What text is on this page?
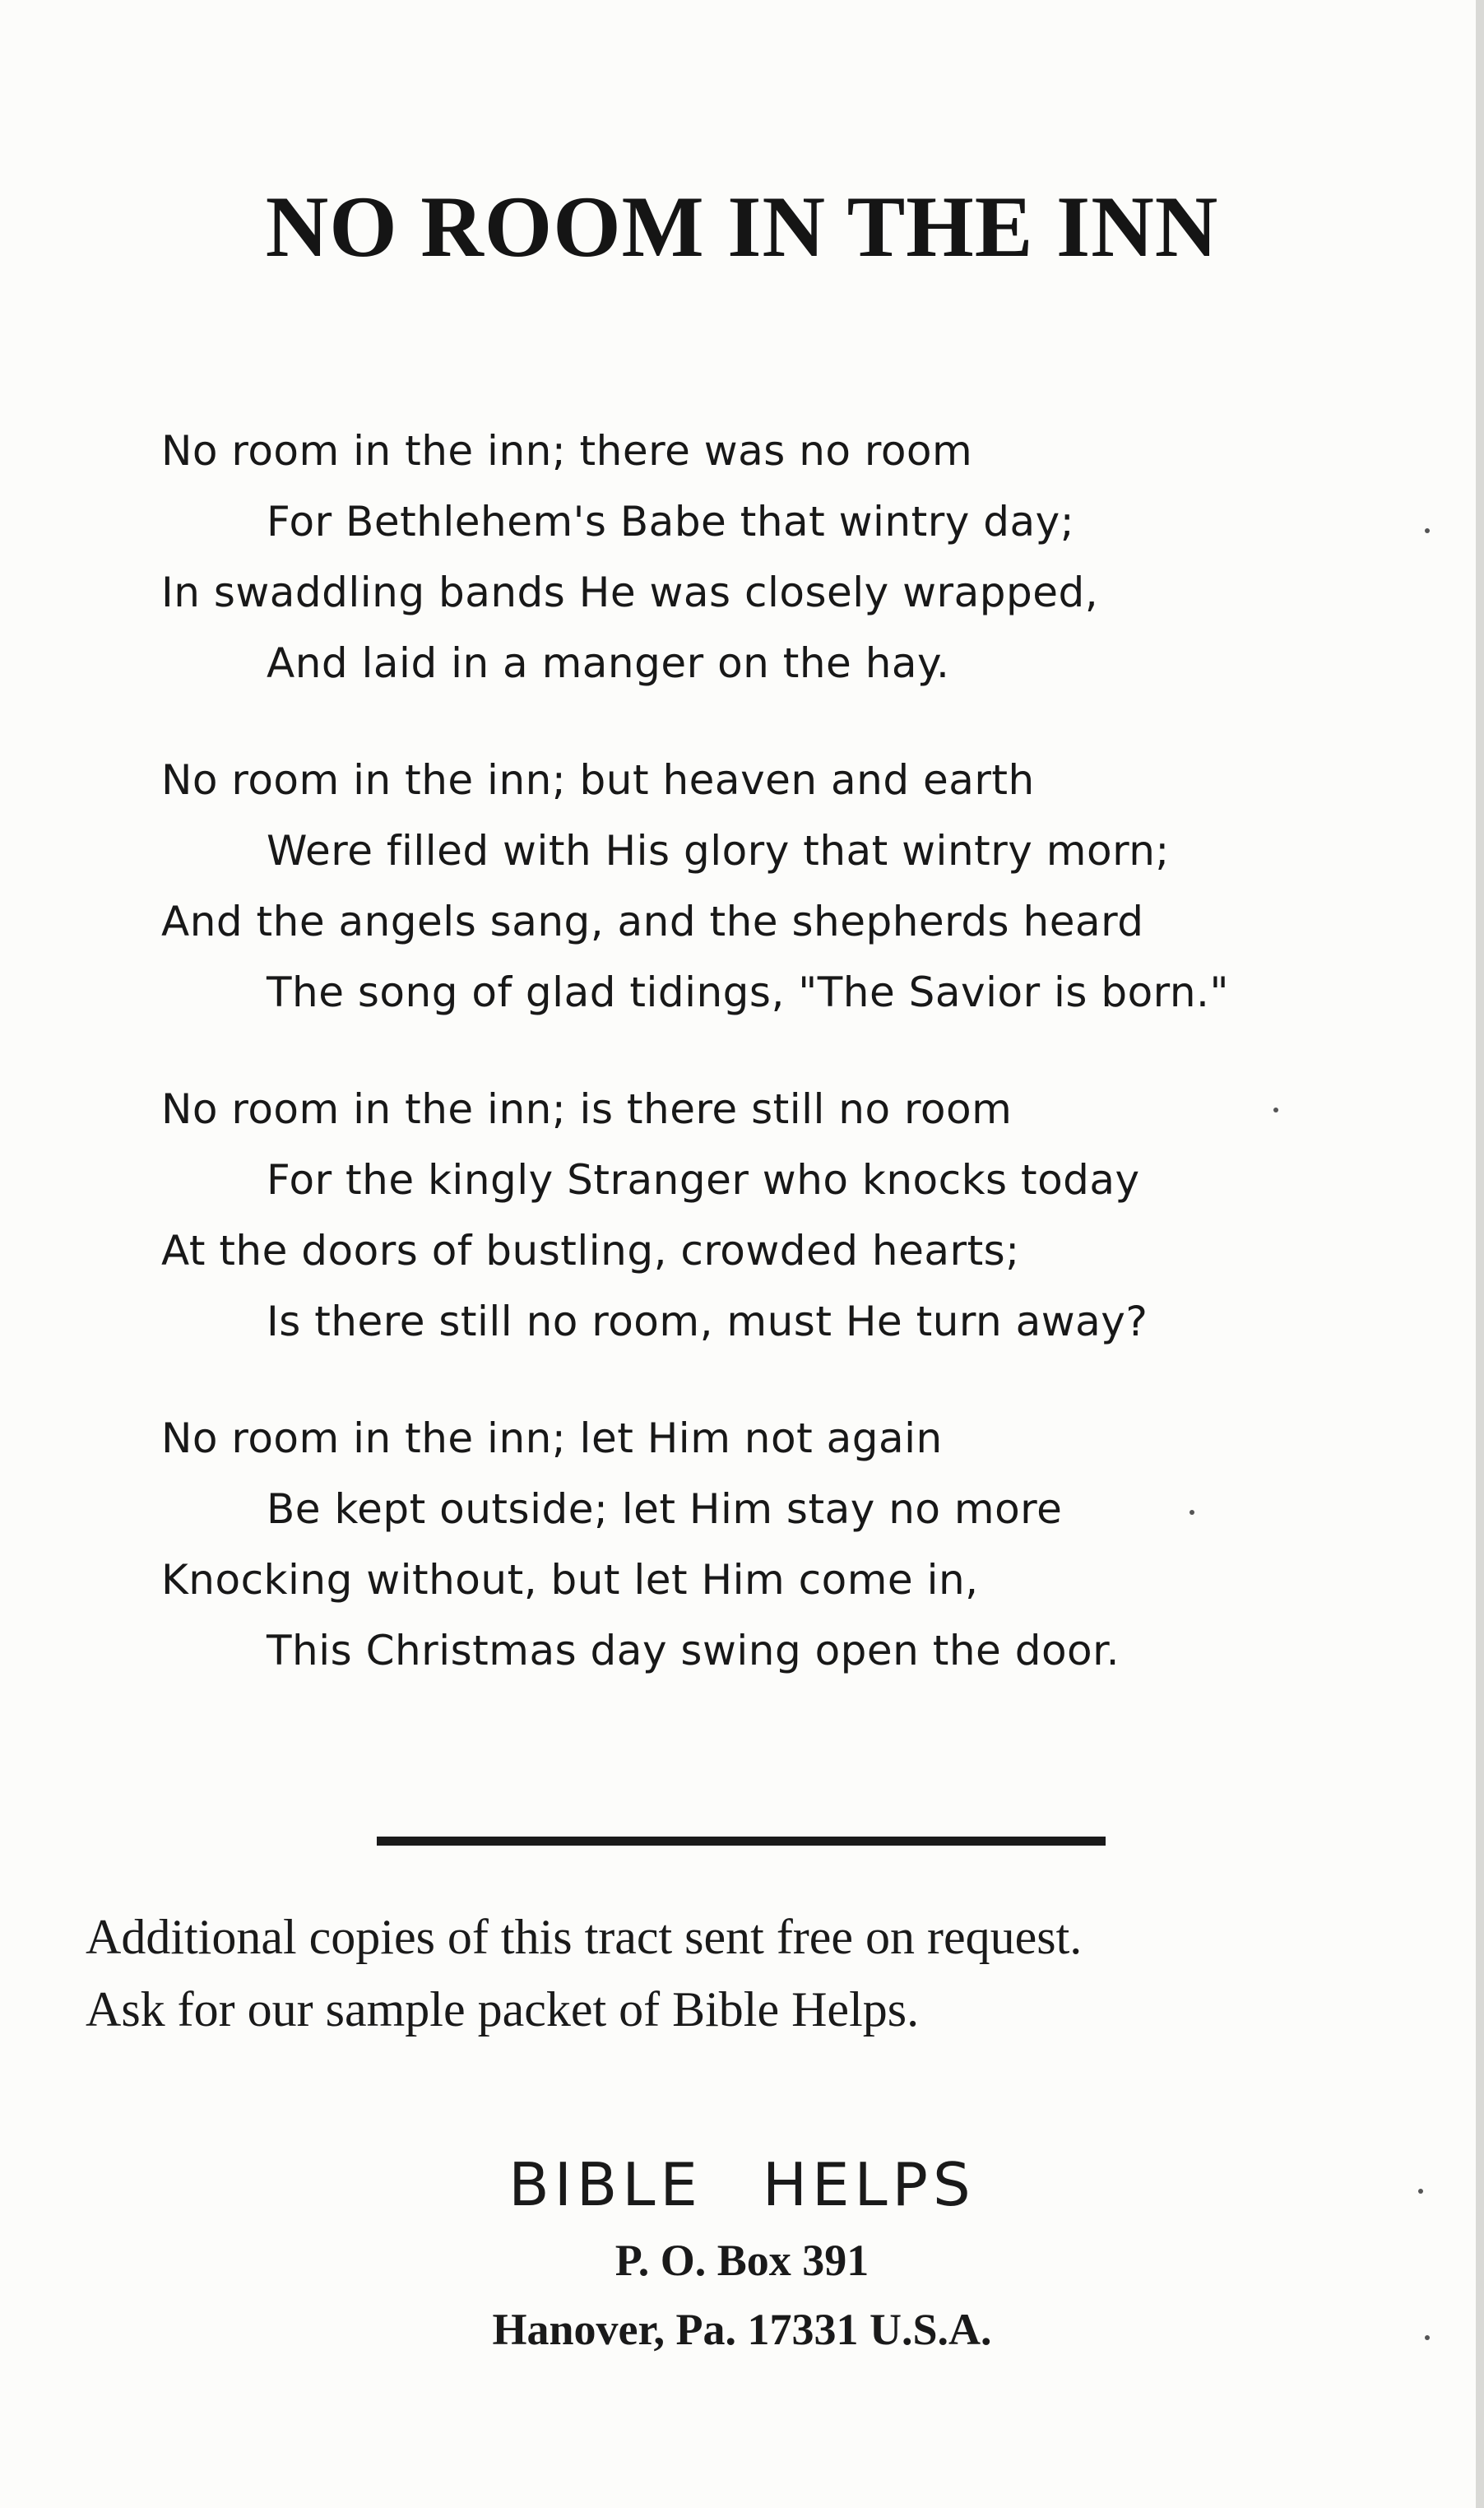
NO ROOM IN THE INN
No room in the inn; there was no room
For Bethlehem's Babe that wintry day;
In swaddling bands He was closely wrapped,
And laid in a manger on the hay.
No room in the inn; but heaven and earth
Were filled with His glory that wintry morn;
And the angels sang, and the shepherds heard
The song of glad tidings, "The Savior is born."
No room in the inn; is there still no room
For the kingly Stranger who knocks today
At the doors of bustling, crowded hearts;
Is there still no room, must He turn away?
No room in the inn; let Him not again
Be kept outside; let Him stay no more
Knocking without, but let Him come in,
This Christmas day swing open the door.
Additional copies of this tract sent free on request.
Ask for our sample packet of Bible Helps.
BIBLE HELPS
P. O. Box 391
Hanover, Pa. 17331 U.S.A.
